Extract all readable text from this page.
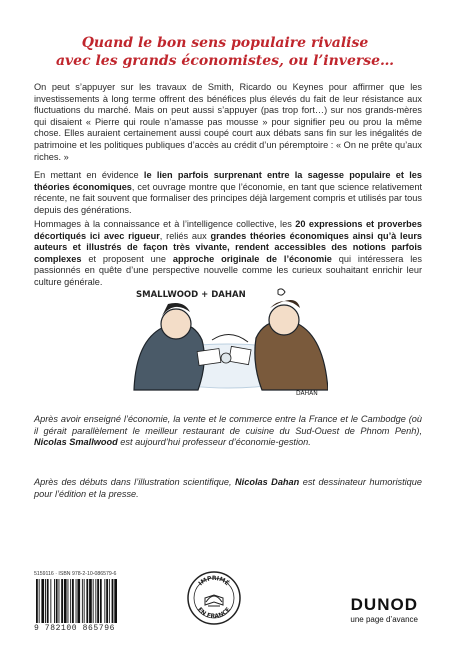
Quand le bon sens populaire rivalise
avec les grands économistes, ou l’inverse…
On peut s’appuyer sur les travaux de Smith, Ricardo ou Keynes pour affirmer que les investissements à long terme offrent des bénéfices plus élevés du fait de leur résistance aux fluctuations du marché. Mais on peut aussi s’appuyer (pas trop fort…) sur nos grands-mères qui disaient « Pierre qui roule n’amasse pas mousse » pour signifier peu ou prou la même chose. Elles auraient certainement aussi coupé court aux débats sans fin sur les inégalités de patrimoine et les politiques publiques d’accès au crédit d’un péremptoire : « On ne prête qu’aux riches. »
En mettant en évidence le lien parfois surprenant entre la sagesse populaire et les théories économiques, cet ouvrage montre que l’économie, en tant que science relativement récente, ne fait souvent que formaliser des principes déjà largement compris et utilisés par tous depuis des générations.
Hommages à la connaissance et à l’intelligence collective, les 20 expressions et proverbes décortiqués ici avec rigueur, reliés aux grandes théories économiques ainsi qu’à leurs auteurs et illustrés de façon très vivante, rendent accessibles des notions parfois complexes et proposent une approche originale de l’économie qui intéressera les passionnés en quête d’une perspective nouvelle comme les curieux souhaitant enrichir leur culture générale.
SMALLWOOD + DAHAN
DAHAN
Après avoir enseigné l’économie, la vente et le commerce entre la France et le Cambodge (où il gérait parallèlement le meilleur restaurant de cuisine du Sud-Ouest de Phnom Penh), Nicolas Smallwood est aujourd’hui professeur d’économie-gestion.
Après des débuts dans l’illustration scientifique, Nicolas Dahan est dessinateur humoristique pour l’édition et la presse.
5159116 · ISBN 978-2-10-086579-6
9 782100 865796
IMPRIMÉ
EN FRANCE	DUNOD
une page d’avance
